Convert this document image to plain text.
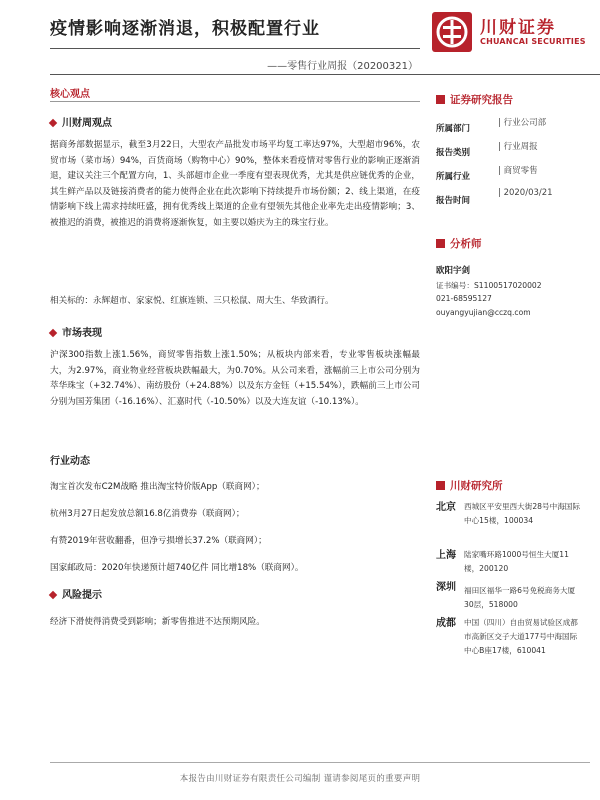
疫情影响逐渐消退，积极配置行业	川财证券
CHUANCAI SECURITIES
——零售行业周报（20200321）
核心观点
川财周观点
据商务部数据显示，截至3月22日，大型农产品批发市场平均复工率达97%，大型超市96%，农贸市场（菜市场）94%，百货商场（购物中心）90%，整体来看疫情对零售行业的影响正逐渐消退，建议关注三个配置方向，1、头部超市企业一季度有望表现优秀，尤其是供应链优秀的企业，其生鲜产品以及链接消费者的能力使得企业在此次影响下持续提升市场份额；2、线上渠道，在疫情影响下线上需求持续旺盛，拥有优秀线上渠道的企业有望领先其他企业率先走出疫情影响；3、被推迟的消费，被推迟的消费将逐渐恢复，如主要以婚庆为主的珠宝行业。
相关标的：永辉超市、家家悦、红旗连锁、三只松鼠、周大生、华致酒行。
市场表现
沪深300指数上涨1.56%，商贸零售指数上涨1.50%；从板块内部来看，专业零售板块涨幅最大，为2.97%，商业物业经营板块跌幅最大，为0.70%。从公司来看，涨幅前三上市公司分别为萃华珠宝（+32.74%）、南纺股份（+24.88%）以及东方金钰（+15.54%），跌幅前三上市公司分别为国芳集团（-16.16%）、汇嘉时代（-10.50%）以及大连友谊（-10.13%）。
行业动态
淘宝首次发布C2M战略 推出淘宝特价版App（联商网）；
杭州3月27日起发放总额16.8亿消费券（联商网）；
有赞2019年营收翻番，但净亏损增长37.2%（联商网）；
国家邮政局：2020年快递预计超740亿件 同比增18%（联商网）。
风险提示
经济下滑使得消费受到影响；新零售推进不达预期风险。
证券研究报告
所属部门
| 行业公司部
报告类别
| 行业周报
所属行业
| 商贸零售
报告时间
| 2020/03/21
分析师
欧阳宇剑
证书编号：S1100517020002
021-68595127
ouyangyujian@cczq.com
川财研究所
北京 西城区平安里西大街28号中海国际中心15楼，100034
上海 陆家嘴环路1000号恒生大厦11楼，200120
深圳 福田区福华一路6号免税商务大厦30层，518000
成都 中国（四川）自由贸易试验区成都市高新区交子大道177号中海国际中心B座17楼，610041
本报告由川财证券有限责任公司编制 谨请参阅尾页的重要声明
